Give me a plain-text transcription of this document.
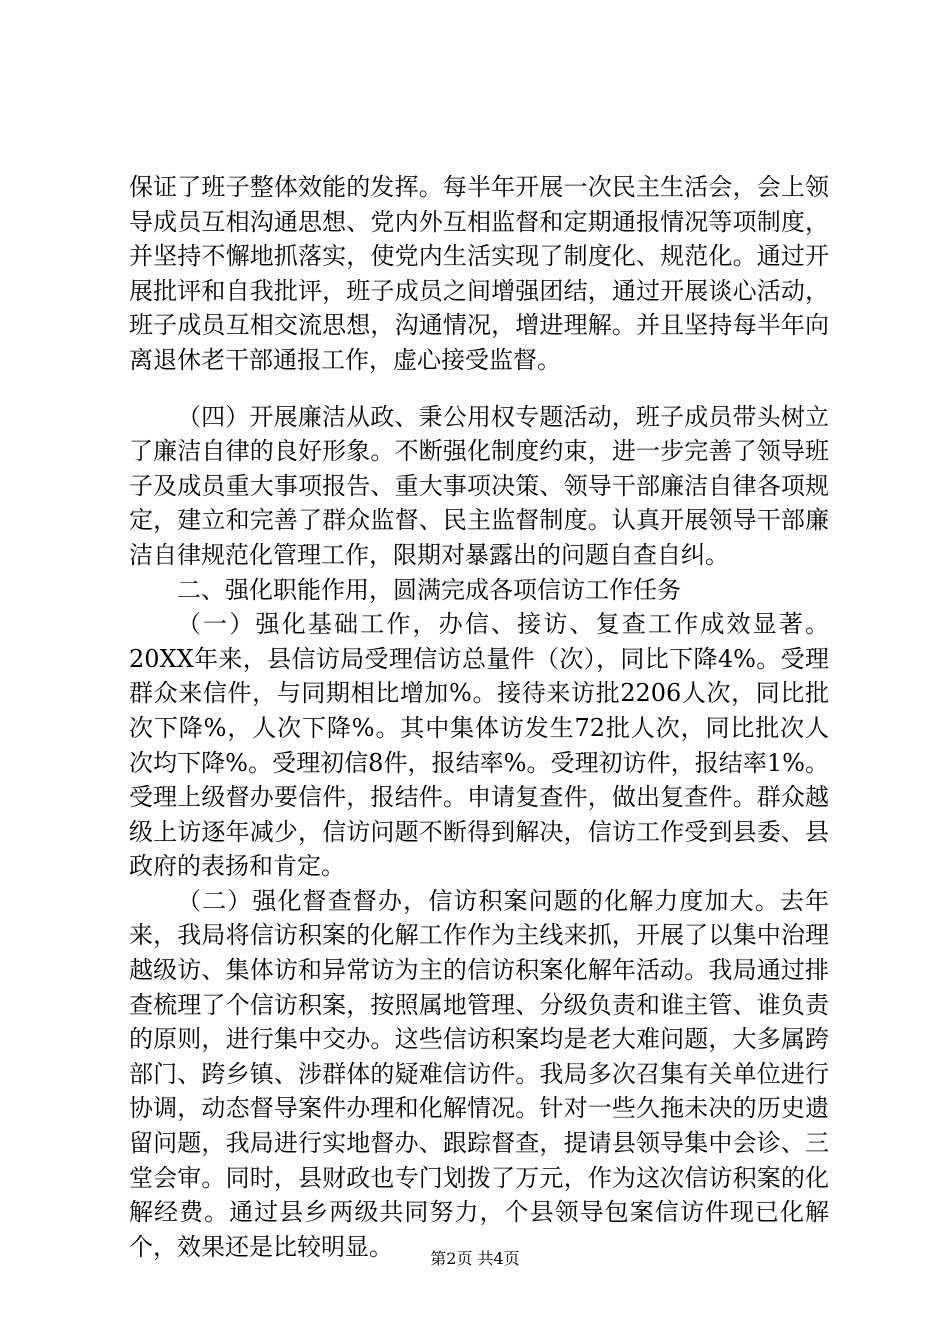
保证了班子整体效能的发挥。每半年开展一次民主生活会，会上领导成员互相沟通思想、党内外互相监督和定期通报情况等项制度，并坚持不懈地抓落实，使党内生活实现了制度化、规范化。通过开展批评和自我批评，班子成员之间增强团结，通过开展谈心活动，班子成员互相交流思想，沟通情况，增进理解。并且坚持每半年向离退休老干部通报工作，虚心接受监督。

（四）开展廉洁从政、秉公用权专题活动，班子成员带头树立了廉洁自律的良好形象。不断强化制度约束，进一步完善了领导班子及成员重大事项报告、重大事项决策、领导干部廉洁自律各项规定，建立和完善了群众监督、民主监督制度。认真开展领导干部廉洁自律规范化管理工作，限期对暴露出的问题自查自纠。

二、强化职能作用，圆满完成各项信访工作任务

（一）强化基础工作，办信、接访、复查工作成效显著。20XX年来，县信访局受理信访总量件（次），同比下降4%。受理群众来信件，与同期相比增加%。接待来访批2206人次，同比批次下降%，人次下降%。其中集体访发生72批人次，同比批次人次均下降%。受理初信8件，报结率%。受理初访件，报结率1%。受理上级督办要信件，报结件。申请复查件，做出复查件。群众越级上访逐年减少，信访问题不断得到解决，信访工作受到县委、县政府的表扬和肯定。

（二）强化督查督办，信访积案问题的化解力度加大。去年来，我局将信访积案的化解工作作为主线来抓，开展了以集中治理越级访、集体访和异常访为主的信访积案化解年活动。我局通过排查梳理了个信访积案，按照属地管理、分级负责和谁主管、谁负责的原则，进行集中交办。这些信访积案均是老大难问题，大多属跨部门、跨乡镇、涉群体的疑难信访件。我局多次召集有关单位进行协调，动态督导案件办理和化解情况。针对一些久拖未决的历史遗留问题，我局进行实地督办、跟踪督查，提请县领导集中会诊、三堂会审。同时，县财政也专门划拨了万元，作为这次信访积案的化解经费。通过县乡两级共同努力，个县领导包案信访件现已化解个，效果还是比较明显。	第2页 共4页
